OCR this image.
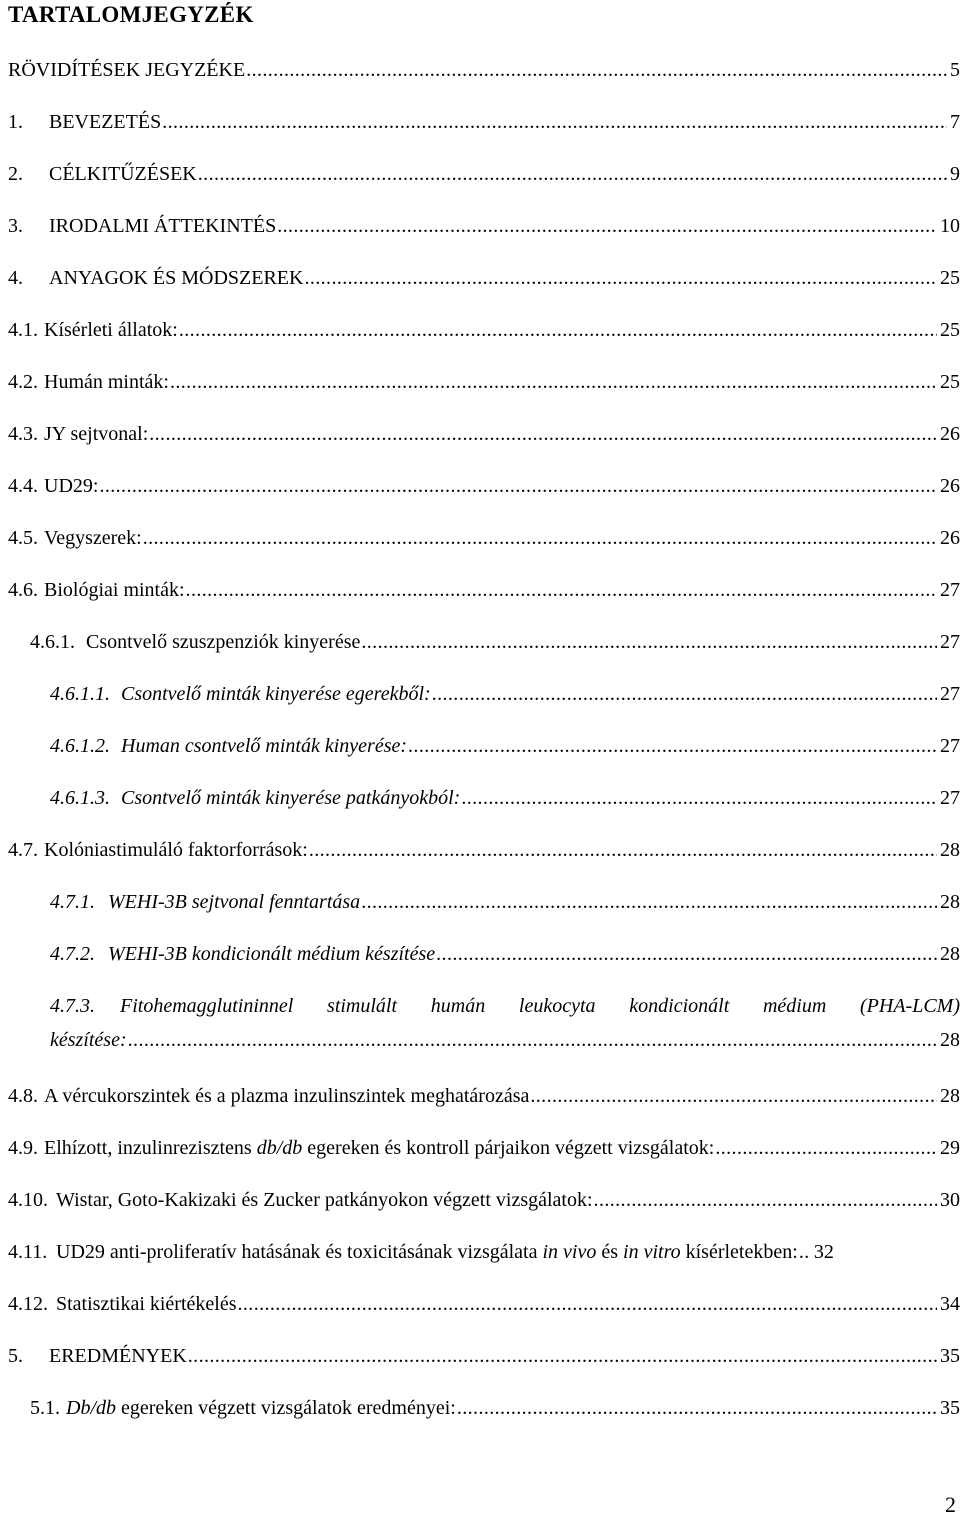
TARTALOMJEGYZÉK
RÖVIDÍTÉSEK JEGYZÉKE .....	5
1.	BEVEZETÉS .....	7
2.	CÉLKITŰZÉSEK .....	9
3.	IRODALMI ÁTTEKINTÉS .....	10
4.	ANYAGOK ÉS MÓDSZEREK .....	25
4.1. Kísérleti állatok: .....	25
4.2. Humán minták: .....	25
4.3. JY sejtvonal: .....	26
4.4. UD29: .....	26
4.5. Vegyszerek: .....	26
4.6. Biológiai minták: .....	27
4.6.1. Csontvelő szuszpenziók kinyerése .....	27
4.6.1.1. Csontvelő minták kinyerése egerekből: .....	27
4.6.1.2. Human csontvelő minták kinyerése: .....	27
4.6.1.3. Csontvelő minták kinyerése patkányokból: .....	27
4.7. Kolóniastimuláló faktorforrások: .....	28
4.7.1. WEHI-3B sejtvonal fenntartása .....	28
4.7.2. WEHI-3B kondicionált médium készítése .....	28
4.7.3.	Fitohemagglutininnel stimulált humán leukocyta kondicionált médium (PHA-LCM)
készítése: .....	28
4.8. A vércukorszintek és a plazma inzulinszintek meghatározása .....	28
4.9. Elhízott, inzulinrezisztens db/db egereken és kontroll párjaikon végzett vizsgálatok: .....	29
4.10. Wistar, Goto-Kakizaki és Zucker patkányokon végzett vizsgálatok: .....	30
4.11. UD29 anti-proliferatív hatásának és toxicitásának vizsgálata in vivo és in vitro kísérletekben: ..... 32
4.12. Statisztikai kiértékelés .....	34
5.	EREDMÉNYEK .....	35
5.1. Db/db egereken végzett vizsgálatok eredményei: .....	35
2
